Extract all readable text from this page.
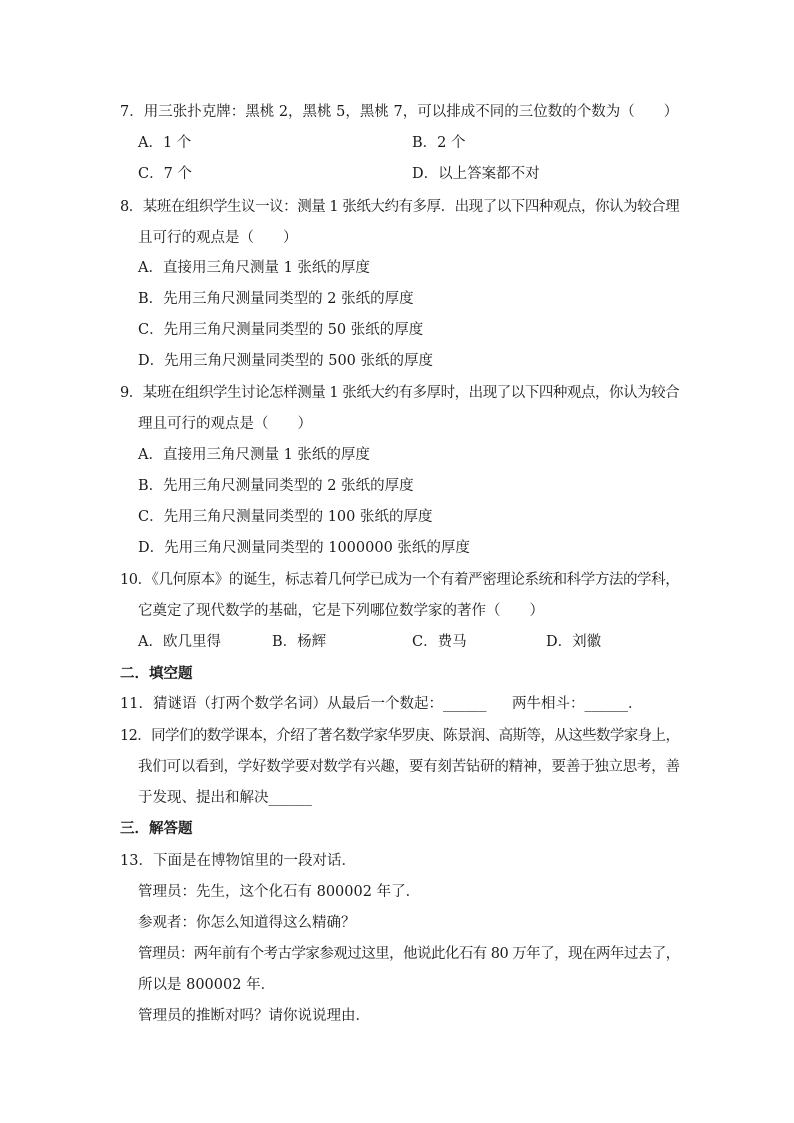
7．用三张扑克牌：黑桃 2，黑桃 5，黑桃 7，可以排成不同的三位数的个数为（　　）
A．1 个	B．2 个
C．7 个	D．以上答案都不对
8．某班在组织学生议一议：测量 1 张纸大约有多厚．出现了以下四种观点，你认为较合理
且可行的观点是（　　）
A．直接用三角尺测量 1 张纸的厚度
B．先用三角尺测量同类型的 2 张纸的厚度
C．先用三角尺测量同类型的 50 张纸的厚度
D．先用三角尺测量同类型的 500 张纸的厚度
9．某班在组织学生讨论怎样测量 1 张纸大约有多厚时，出现了以下四种观点，你认为较合
理且可行的观点是（　　）
A．直接用三角尺测量 1 张纸的厚度
B．先用三角尺测量同类型的 2 张纸的厚度
C．先用三角尺测量同类型的 100 张纸的厚度
D．先用三角尺测量同类型的 1000000 张纸的厚度
10．《几何原本》的诞生，标志着几何学已成为一个有着严密理论系统和科学方法的学科，
它奠定了现代数学的基础，它是下列哪位数学家的著作（　　）
A．欧几里得	B．杨辉	C．费马	D．刘徽
二．填空题
11．猜谜语（打两个数学名词）从最后一个数起：______ 两牛相斗：______．
12．同学们的数学课本，介绍了著名数学家华罗庚、陈景润、高斯等，从这些数学家身上，
我们可以看到，学好数学要对数学有兴趣，要有刻苦钻研的精神，要善于独立思考，善
于发现、提出和解决______
三．解答题
13．下面是在博物馆里的一段对话．
管理员：先生，这个化石有 800002 年了．
参观者：你怎么知道得这么精确？
管理员：两年前有个考古学家参观过这里，他说此化石有 80 万年了，现在两年过去了，
所以是 800002 年．
管理员的推断对吗？请你说说理由．
